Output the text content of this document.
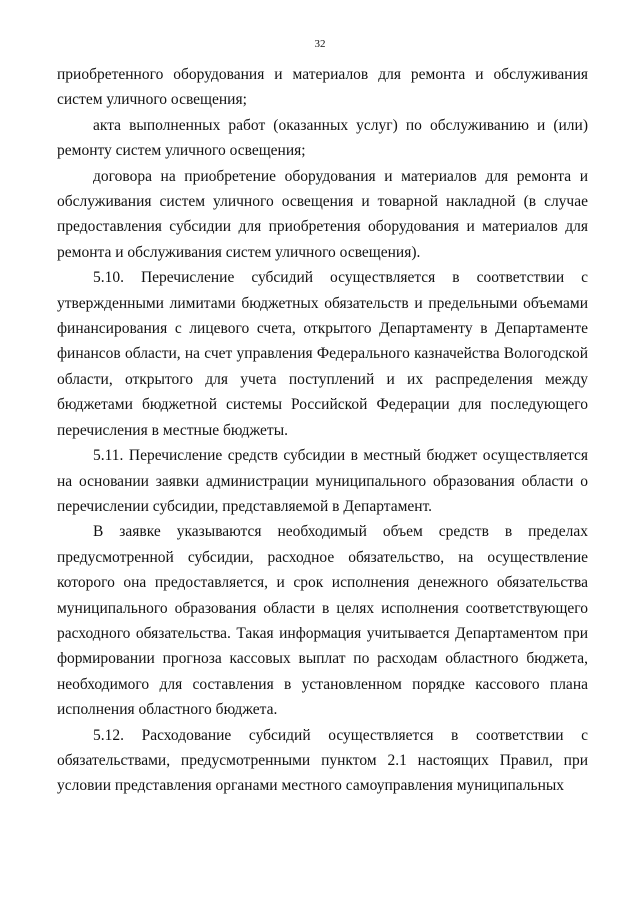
32

приобретенного оборудования и материалов для ремонта и обслуживания систем уличного освещения;

акта выполненных работ (оказанных услуг) по обслуживанию и (или) ремонту систем уличного освещения;

договора на приобретение оборудования и материалов для ремонта и обслуживания систем уличного освещения и товарной накладной (в случае предоставления субсидии для приобретения оборудования и материалов для ремонта и обслуживания систем уличного освещения).

5.10. Перечисление субсидий осуществляется в соответствии с утвержденными лимитами бюджетных обязательств и предельными объемами финансирования с лицевого счета, открытого Департаменту в Департаменте финансов области, на счет управления Федерального казначейства Вологодской области, открытого для учета поступлений и их распределения между бюджетами бюджетной системы Российской Федерации для последующего перечисления в местные бюджеты.

5.11. Перечисление средств субсидии в местный бюджет осуществляется на основании заявки администрации муниципального образования области о перечислении субсидии, представляемой в Департамент.

В заявке указываются необходимый объем средств в пределах предусмотренной субсидии, расходное обязательство, на осуществление которого она предоставляется, и срок исполнения денежного обязательства муниципального образования области в целях исполнения соответствующего расходного обязательства. Такая информация учитывается Департаментом при формировании прогноза кассовых выплат по расходам областного бюджета, необходимого для составления в установленном порядке кассового плана исполнения областного бюджета.

5.12. Расходование субсидий осуществляется в соответствии с обязательствами, предусмотренными пунктом 2.1 настоящих Правил, при условии представления органами местного самоуправления муниципальных
